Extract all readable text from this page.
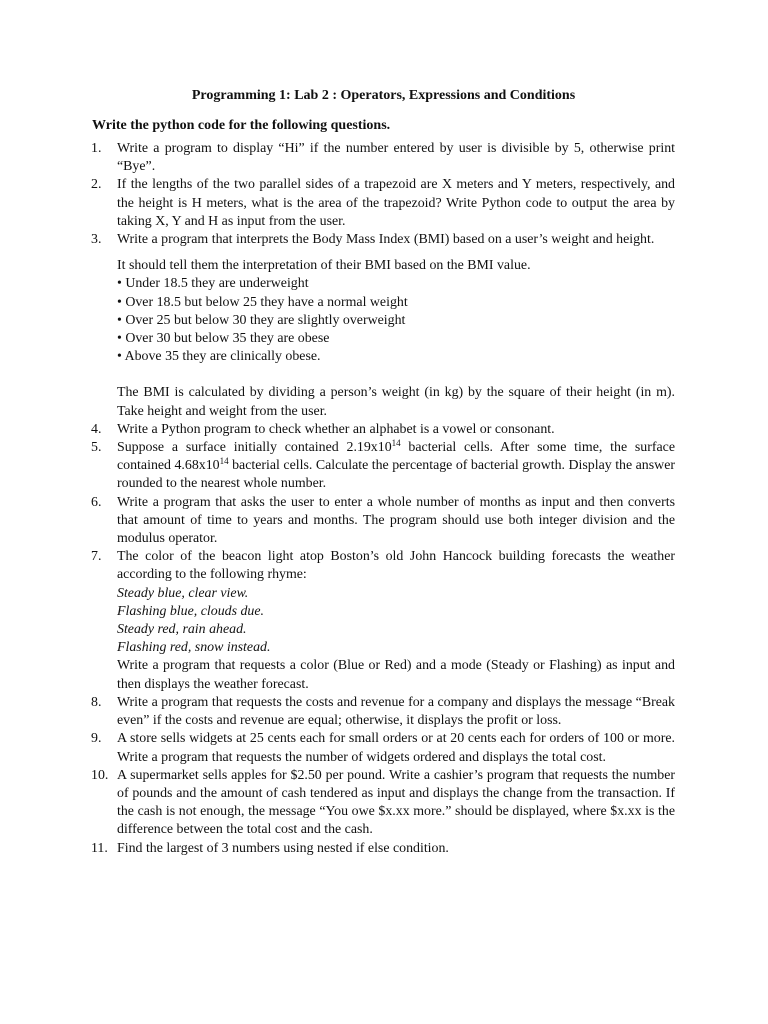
Programming 1: Lab 2 : Operators, Expressions and Conditions
Write the python code for the following questions.
1. Write a program to display “Hi” if the number entered by user is divisible by 5, otherwise print “Bye”.

2. If the lengths of the two parallel sides of a trapezoid are X meters and Y meters, respectively, and the height is H meters, what is the area of the trapezoid? Write Python code to output the area by taking X, Y and H as input from the user.

3. Write a program that interprets the Body Mass Index (BMI) based on a user’s weight and height.

It should tell them the interpretation of their BMI based on the BMI value.

• Under 18.5 they are underweight
• Over 18.5 but below 25 they have a normal weight
• Over 25 but below 30 they are slightly overweight
• Over 30 but below 35 they are obese
• Above 35 they are clinically obese.

The BMI is calculated by dividing a person’s weight (in kg) by the square of their height (in m). Take height and weight from the user.

4. Write a Python program to check whether an alphabet is a vowel or consonant.

5. Suppose a surface initially contained $2.19x10^{14}$ bacterial cells. After some time, the surface contained $4.68x10^{14}$ bacterial cells. Calculate the percentage of bacterial growth. Display the answer rounded to the nearest whole number.

6. Write a program that asks the user to enter a whole number of months as input and then converts that amount of time to years and months. The program should use both integer division and the modulus operator.

7. The color of the beacon light atop Boston’s old John Hancock building forecasts the weather according to the following rhyme:

Steady blue, clear view.

Flashing blue, clouds due.

Steady red, rain ahead.

Flashing red, snow instead.

Write a program that requests a color (Blue or Red) and a mode (Steady or Flashing) as input and then displays the weather forecast.

8. Write a program that requests the costs and revenue for a company and displays the message “Break even” if the costs and revenue are equal; otherwise, it displays the profit or loss.

9. A store sells widgets at 25 cents each for small orders or at 20 cents each for orders of 100 or more. Write a program that requests the number of widgets ordered and displays the total cost.

10. A supermarket sells apples for $2.50 per pound. Write a cashier’s program that requests the number of pounds and the amount of cash tendered as input and displays the change from the transaction. If the cash is not enough, the message “You owe $x.xx more.” should be displayed, where $x.xx is the difference between the total cost and the cash.

11. Find the largest of 3 numbers using nested if else condition.
